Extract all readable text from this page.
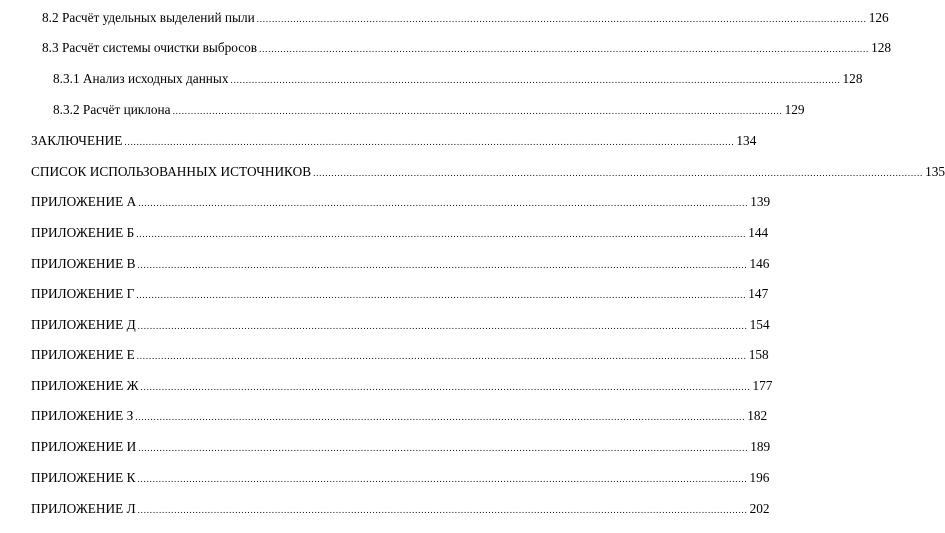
8.2 Расчёт удельных выделений пыли ........................................................................................................................................................................................................ 126
8.3 Расчёт системы очистки выбросов ........................................................................................................................................................................................................ 128
8.3.1 Анализ исходных данных ........................................................................................................................................................................................................ 128
8.3.2 Расчёт циклона ........................................................................................................................................................................................................ 129
ЗАКЛЮЧЕНИЕ ........................................................................................................................................................................................................ 134
СПИСОК ИСПОЛЬЗОВАННЫХ ИСТОЧНИКОВ ........................................................................................................................................................................................................ 135
ПРИЛОЖЕНИЕ А ........................................................................................................................................................................................................ 139
ПРИЛОЖЕНИЕ Б ........................................................................................................................................................................................................ 144
ПРИЛОЖЕНИЕ В ........................................................................................................................................................................................................ 146
ПРИЛОЖЕНИЕ Г ........................................................................................................................................................................................................ 147
ПРИЛОЖЕНИЕ Д ........................................................................................................................................................................................................ 154
ПРИЛОЖЕНИЕ Е ........................................................................................................................................................................................................ 158
ПРИЛОЖЕНИЕ Ж ........................................................................................................................................................................................................ 177
ПРИЛОЖЕНИЕ З ........................................................................................................................................................................................................ 182
ПРИЛОЖЕНИЕ И ........................................................................................................................................................................................................ 189
ПРИЛОЖЕНИЕ К ........................................................................................................................................................................................................ 196
ПРИЛОЖЕНИЕ Л ........................................................................................................................................................................................................ 202
